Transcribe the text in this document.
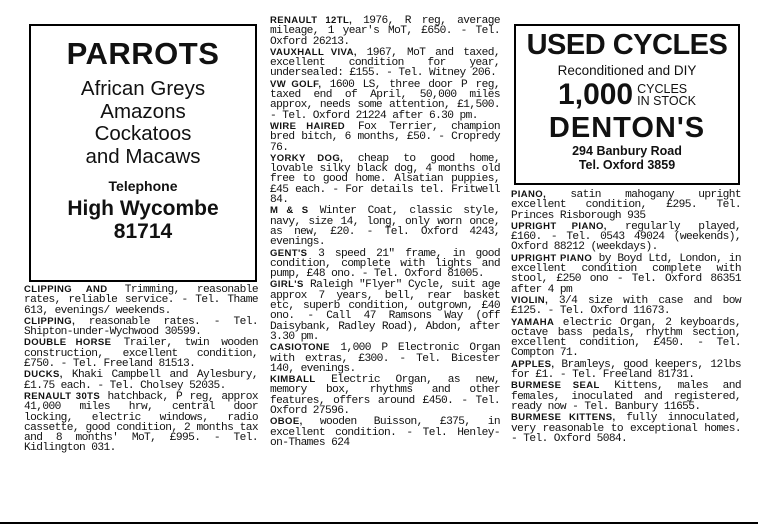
PARROTS
African Greys
Amazons
Cockatoos
and Macaws
Telephone
High Wycombe
81714
USED CYCLES
Reconditioned and DIY
1,000 CYCLES
IN STOCK
DENTON'S
294 Banbury Road
Tel. Oxford 3859
CLIPPING AND Trimming, reasonable rates, reliable service. - Tel. Thame 613, evenings/ weekends.
CLIPPING, reasonable rates. - Tel. Shipton-under-Wychwood 30599.
DOUBLE HORSE Trailer, twin wooden construction, excellent condition, £750. - Tel. Freeland 81513.
DUCKS, Khaki Campbell and Aylesbury, £1.75 each. - Tel. Cholsey 52035.
RENAULT 30TS hatchback, P reg, approx 41,000 miles hrw, central door locking, electric windows, radio cassette, good condition, 2 months tax and 8 months' MoT, £995. - Tel. Kidlington 031.
RENAULT 12TL, 1976, R reg, average mileage, 1 year's MoT, £650. - Tel. Oxford 26213.
VAUXHALL VIVA, 1967, MoT and taxed, excellent condition for year, undersealed: £155. - Tel. Witney 206.
VW GOLF, 1600 LS, three door P reg, taxed end of April, 50,000 miles approx, needs some attention, £1,500. - Tel. Oxford 21224 after 6.30 pm.
WIRE HAIRED Fox Terrier, champion bred bitch, 6 months, £50. - Cropredy 76.
YORKY DOG, cheap to good home, lovable silky black dog, 4 months old free to good home. Alsatian puppies, £45 each. - For details tel. Fritwell 84.
M & S Winter Coat, classic style, navy, size 14, long, only worn once, as new, £20. - Tel. Oxford 4243, evenings.
GENT'S 3 speed 21" frame, in good condition, complete with lights and pump, £48 ono. - Tel. Oxford 81005.
GIRL'S Raleigh "Flyer" Cycle, suit age approx 7 years, bell, rear basket etc, superb condition, outgrown, £40 ono. - Call 47 Ramsons Way (off Daisybank, Radley Road), Abdon, after 3.30 pm.
CASIOTONE 1,000 P Electronic Organ with extras, £300. - Tel. Bicester 140, evenings.
KIMBALL Electric Organ, as new, memory box, rhythms and other features, offers around £450. - Tel. Oxford 27596.
OBOE, wooden Buisson, £375, in excellent condition. - Tel. Henley-on-Thames 624
PIANO, satin mahogany upright excellent condition, £295. Tel. Princes Risborough 935
UPRIGHT PIANO, regularly played, £160. - Tel. 0543 49024 (weekends), Oxford 88212 (weekdays).
UPRIGHT PIANO by Boyd Ltd, London, in excellent condition complete with stool, £250 ono - Tel. Oxford 86351 after 4 pm
VIOLIN, 3/4 size with case and bow £125. - Tel. Oxford 11673.
YAMAHA electric Organ, 2 keyboards, octave bass pedals, rhythm section, excellent condition, £450. - Tel. Compton 71.
APPLES, Bramleys, good keepers, 12lbs for £1. - Tel. Freeland 81731.
BURMESE SEAL Kittens, males and females, inoculated and registered, ready now - Tel. Banbury 11655.
BURMESE KITTENS, fully innoculated, very reasonable to exceptional homes. - Tel. Oxford 5084.
